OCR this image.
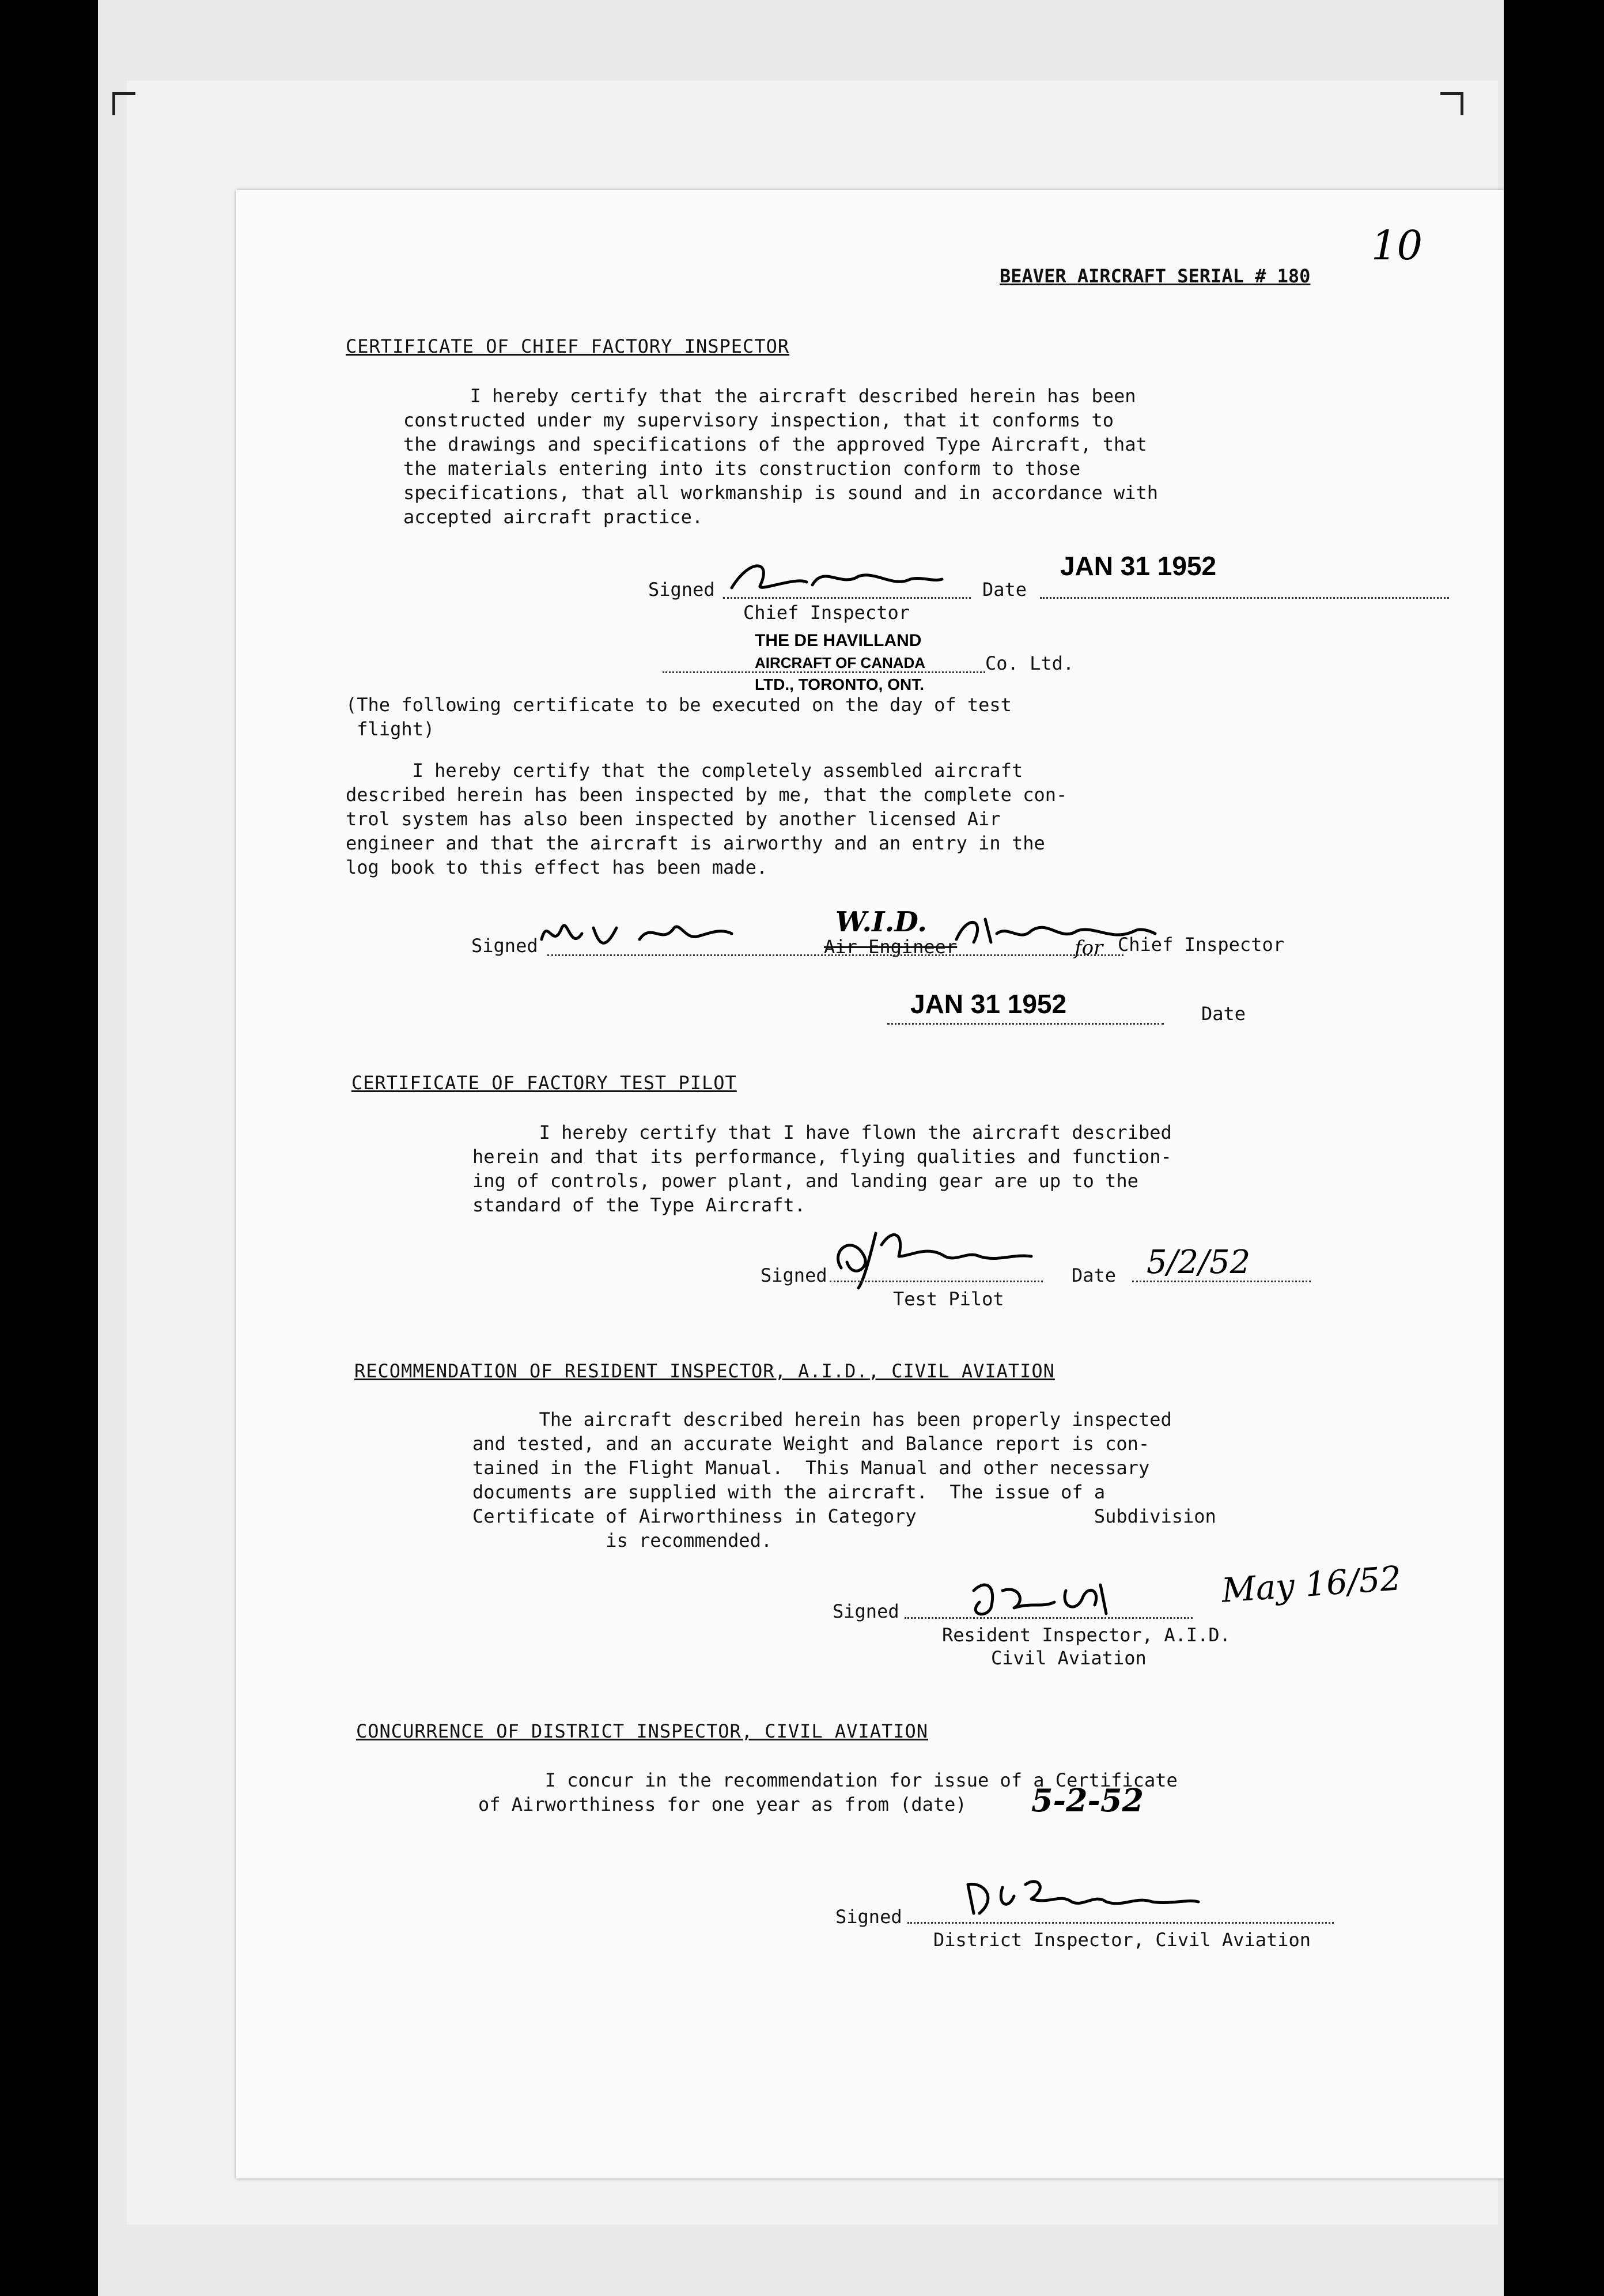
BEAVER AIRCRAFT SERIAL # 180
10
CERTIFICATE OF CHIEF FACTORY INSPECTOR
I hereby certify that the aircraft described herein has been
constructed under my supervisory inspection, that it conforms to
the drawings and specifications of the approved Type Aircraft, that
the materials entering into its construction conform to those
specifications, that all workmanship is sound and in accordance with
accepted aircraft practice.
Signed	Date
JAN 31 1952
Chief Inspector
THE DE HAVILLAND
AIRCRAFT OF CANADA
LTD., TORONTO, ONT.
Co. Ltd.
(The following certificate to be executed on the day of test
flight)
I hereby certify that the completely assembled aircraft
described herein has been inspected by me, that the complete con-
trol system has also been inspected by another licensed Air
engineer and that the aircraft is airworthy and an entry in the
log book to this effect has been made.
Signed
W.I.D.
Air Engineer	for Chief Inspector
JAN 31 1952	Date
CERTIFICATE OF FACTORY TEST PILOT
I hereby certify that I have flown the aircraft described
herein and that its performance, flying qualities and function-
ing of controls, power plant, and landing gear are up to the
standard of the Type Aircraft.
Signed
Test Pilot
Date 5/2/52
RECOMMENDATION OF RESIDENT INSPECTOR, A.I.D., CIVIL AVIATION
The aircraft described herein has been properly inspected
and tested, and an accurate Weight and Balance report is con-
tained in the Flight Manual.  This Manual and other necessary
documents are supplied with the aircraft.  The issue of a
Certificate of Airworthiness in Category                Subdivision
is recommended.
Signed
May 16/52
Resident Inspector, A.I.D.
Civil Aviation
CONCURRENCE OF DISTRICT INSPECTOR, CIVIL AVIATION
I concur in the recommendation for issue of a Certificate
of Airworthiness for one year as from (date)	5-2-52
Signed
District Inspector, Civil Aviation
